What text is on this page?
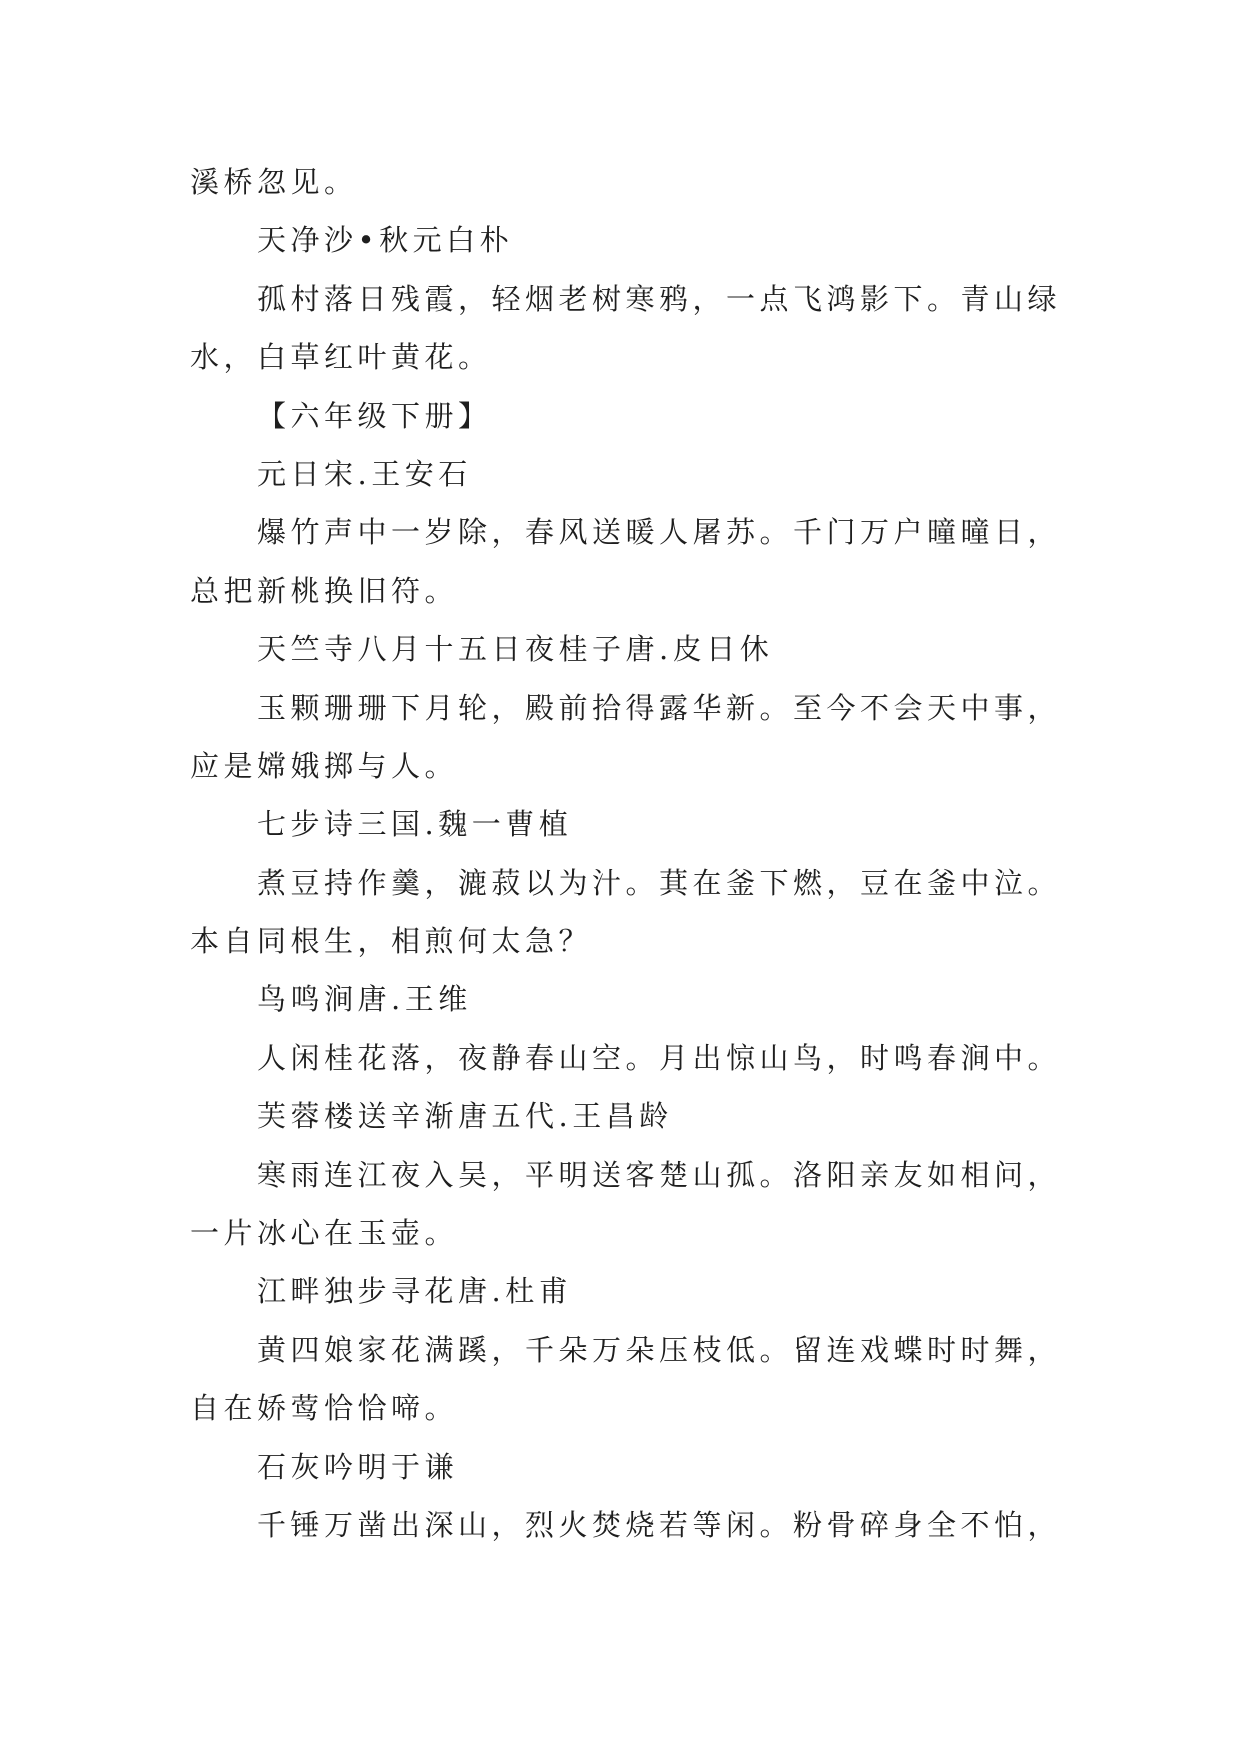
溪桥忽见。
天净沙•秋元白朴
孤村落日残霞，轻烟老树寒鸦，一点飞鸿影下。青山绿
水，白草红叶黄花。
【六年级下册】
元日宋.王安石
爆竹声中一岁除，春风送暖人屠苏。千门万户曈曈日，
总把新桃换旧符。
天竺寺八月十五日夜桂子唐.皮日休
玉颗珊珊下月轮，殿前拾得露华新。至今不会天中事，
应是嫦娥掷与人。
七步诗三国.魏一曹植
煮豆持作羹，漉菽以为汁。萁在釜下燃，豆在釜中泣。
本自同根生，相煎何太急？
鸟鸣涧唐.王维
人闲桂花落，夜静春山空。月出惊山鸟，时鸣春涧中。
芙蓉楼送辛渐唐五代.王昌龄
寒雨连江夜入吴，平明送客楚山孤。洛阳亲友如相问，
一片冰心在玉壶。
江畔独步寻花唐.杜甫
黄四娘家花满蹊，千朵万朵压枝低。留连戏蝶时时舞，
自在娇莺恰恰啼。
石灰吟明于谦
千锤万凿出深山，烈火焚烧若等闲。粉骨碎身全不怕，
